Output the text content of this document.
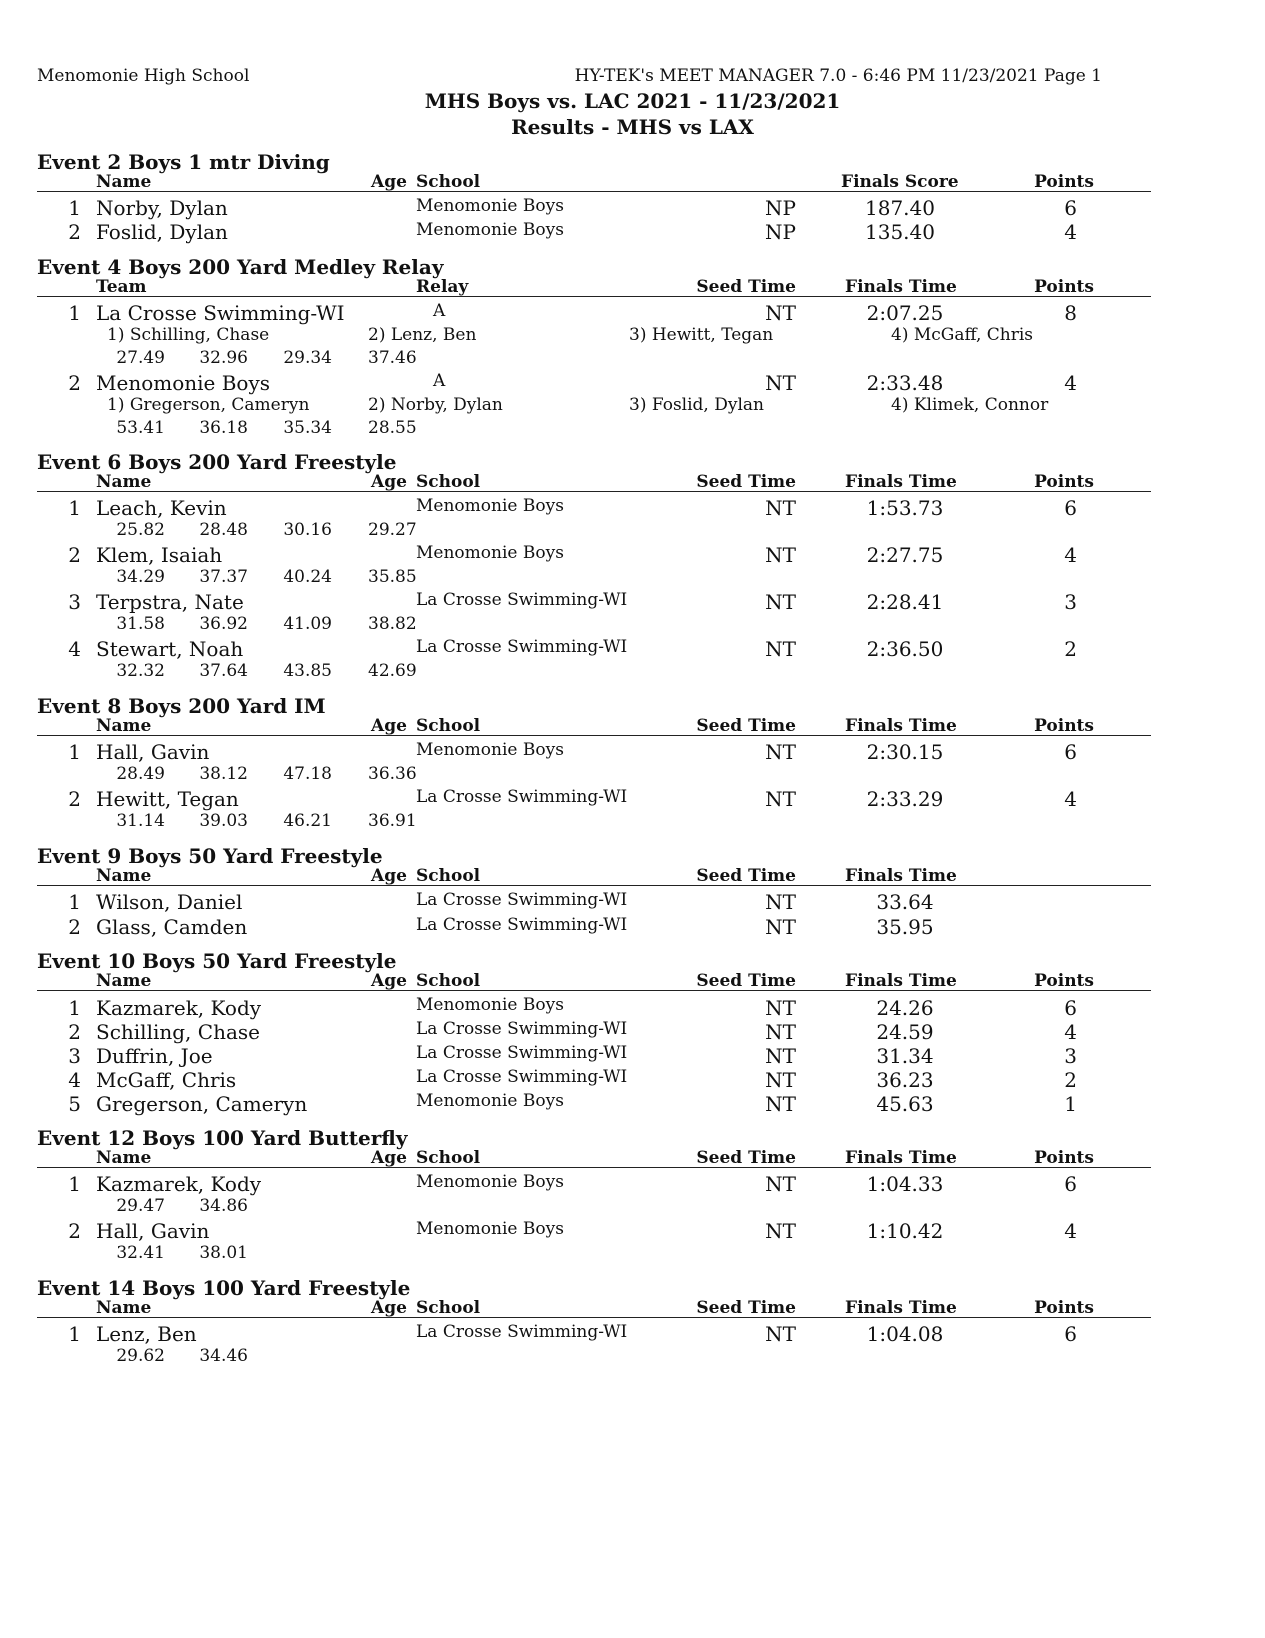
Menomonie High School	HY-TEK's MEET MANAGER 7.0 - 6:46 PM 11/23/2021 Page 1
MHS Boys vs. LAC 2021 - 11/23/2021
Results - MHS vs LAX
Event 2 Boys 1 mtr Diving
Name	Age School	Finals Score	Points
1 Norby, Dylan	Menomonie Boys	NP	187.40	6
2 Foslid, Dylan	Menomonie Boys	NP	135.40	4
Event 4 Boys 200 Yard Medley Relay
Team	Relay	Seed Time	Finals Time	Points
1 La Crosse Swimming-WI	A	NT	2:07.25	8
1) Schilling, Chase	2) Lenz, Ben	3) Hewitt, Tegan	4) McGaff, Chris
27.49	32.96	29.34 37.46
2 Menomonie Boys	A	NT	2:33.48	4
1) Gregerson, Cameryn	2) Norby, Dylan	3) Foslid, Dylan	4) Klimek, Connor
53.41	36.18	35.34 28.55
Event 6 Boys 200 Yard Freestyle
Name	Age School	Seed Time	Finals Time	Points
1 Leach, Kevin	Menomonie Boys	NT	1:53.73	6
25.82	28.48	30.16 29.27
2 Klem, Isaiah	Menomonie Boys	NT	2:27.75	4
34.29	37.37	40.24 35.85
3 Terpstra, Nate	La Crosse Swimming-WI	NT	2:28.41	3
31.58	36.92	41.09 38.82
4 Stewart, Noah	La Crosse Swimming-WI	NT	2:36.50	2
32.32	37.64	43.85 42.69
Event 8 Boys 200 Yard IM
Name	Age School	Seed Time	Finals Time	Points
1 Hall, Gavin	Menomonie Boys	NT	2:30.15	6
28.49	38.12	47.18 36.36
2 Hewitt, Tegan	La Crosse Swimming-WI	NT	2:33.29	4
31.14	39.03	46.21 36.91
Event 9 Boys 50 Yard Freestyle
Name	Age School	Seed Time	Finals Time
1 Wilson, Daniel	La Crosse Swimming-WI	NT	33.64
2 Glass, Camden	La Crosse Swimming-WI	NT	35.95
Event 10 Boys 50 Yard Freestyle
Name	Age School	Seed Time	Finals Time	Points
1 Kazmarek, Kody	Menomonie Boys	NT	24.26	6
2 Schilling, Chase	La Crosse Swimming-WI	NT	24.59	4
3 Duffrin, Joe	La Crosse Swimming-WI	NT	31.34	3
4 McGaff, Chris	La Crosse Swimming-WI	NT	36.23	2
5 Gregerson, Cameryn	Menomonie Boys	NT	45.63	1
Event 12 Boys 100 Yard Butterfly
Name	Age School	Seed Time	Finals Time	Points
1 Kazmarek, Kody	Menomonie Boys	NT	1:04.33	6
29.47	34.86
2 Hall, Gavin	Menomonie Boys	NT	1:10.42	4
32.41	38.01
Event 14 Boys 100 Yard Freestyle
Name	Age School	Seed Time	Finals Time	Points
1 Lenz, Ben	La Crosse Swimming-WI	NT	1:04.08	6
29.62	34.46
